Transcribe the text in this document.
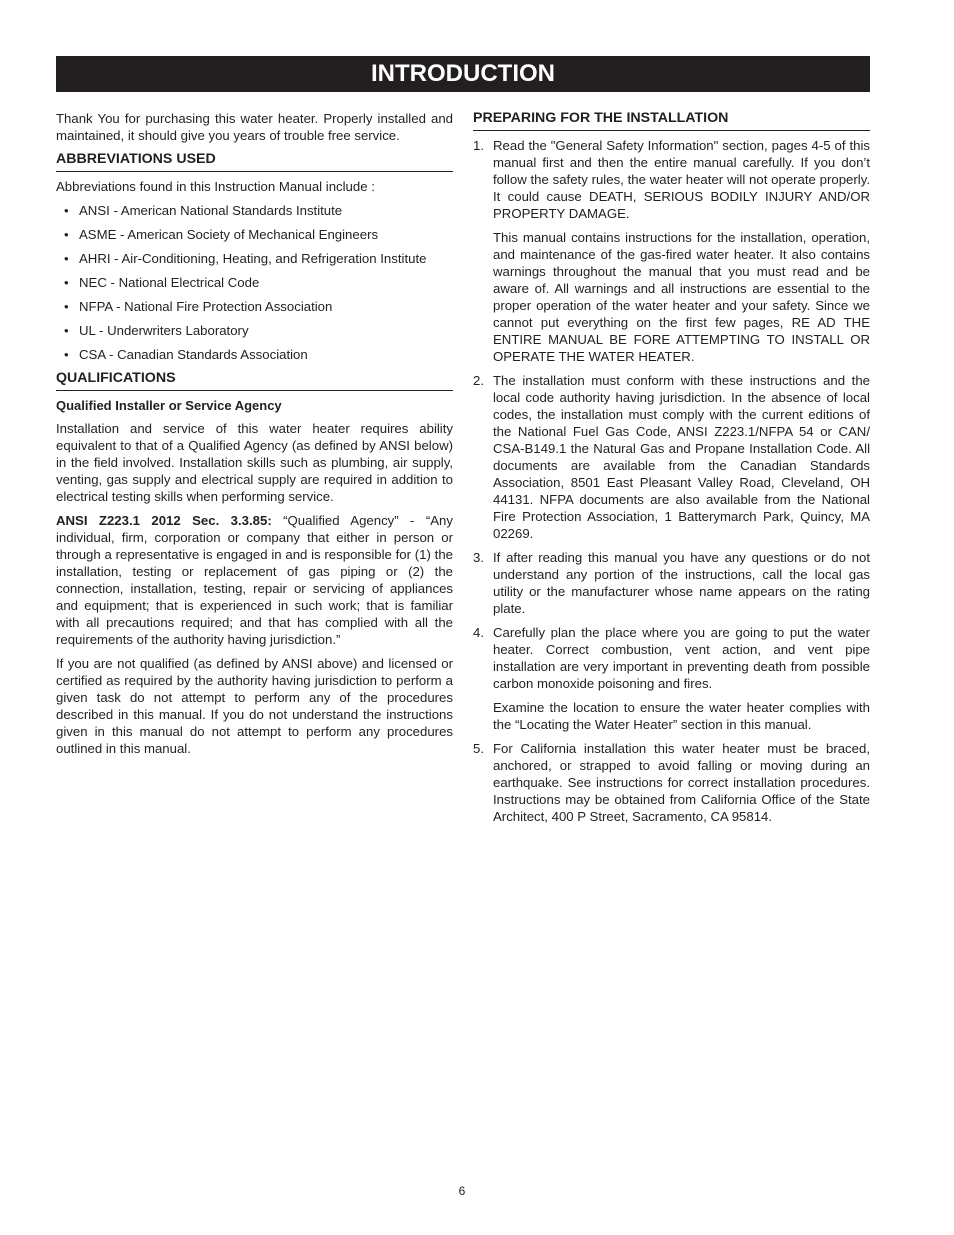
INTRODUCTION

Thank You for purchasing this water heater. Properly installed and maintained, it should give you years of trouble free service.

ABBREVIATIONS USED

Abbreviations found in this Instruction Manual include :

• ANSI - American National Standards Institute
• ASME - American Society of Mechanical Engineers
• AHRI - Air-Conditioning, Heating, and Refrigeration Institute
• NEC - National Electrical Code
• NFPA - National Fire Protection Association
• UL - Underwriters Laboratory
• CSA - Canadian Standards Association
QUALIFICATIONS
Qualified Installer or Service Agency

Installation and service of this water heater requires ability equivalent to that of a Qualified Agency (as defined by ANSI below) in the field involved. Installation skills such as plumbing, air supply, venting, gas supply and electrical supply are required in addition to electrical testing skills when performing service.

ANSI Z223.1 2012 Sec. 3.3.85: “Qualified Agency” - “Any individual, firm, corporation or company that either in person or through a representative is engaged in and is responsible for (1) the installation, testing or replacement of gas piping or (2) the connection, installation, testing, repair or servicing of appliances and equipment; that is experienced in such work; that is familiar with all precautions required; and that has complied with all the requirements of the authority having jurisdiction.”

If you are not qualified (as defined by ANSI above) and licensed or certified as required by the authority having jurisdiction to perform a given task do not attempt to perform any of the procedures described in this manual. If you do not understand the instructions given in this manual do not attempt to perform any procedures outlined in this manual.

PREPARING FOR THE INSTALLATION
1. Read the "General Safety Information" section, pages 4-5 of this manual first and then the entire manual carefully. If you don’t follow the safety rules, the water heater will not operate properly. It could cause DEATH, SERIOUS BODILY INJURY AND/OR PROPERTY DAMAGE.

This manual contains instructions for the installation, operation, and maintenance of the gas-fired water heater. It also contains warnings throughout the manual that you must read and be aware of. All warnings and all instructions are essential to the proper operation of the water heater and your safety. Since we cannot put everything on the first few pages, RE AD THE ENTIRE MANUAL BE FORE ATTEMPTING TO INSTALL OR OPERATE THE WATER HEATER.

2. The installation must conform with these instructions and the local code authority having jurisdiction. In the absence of local codes, the installation must comply with the current editions of the National Fuel Gas Code, ANSI Z223.1/NFPA 54 or CAN/ CSA-B149.1 the Natural Gas and Propane Installation Code. All documents are available from the Canadian Standards Association, 8501 East Pleasant Valley Road, Cleveland, OH 44131. NFPA documents are also available from the National Fire Protection Association, 1 Batterymarch Park, Quincy, MA 02269.

3. If after reading this manual you have any questions or do not understand any portion of the instructions, call the local gas utility or the manufacturer whose name appears on the rating plate.

4. Carefully plan the place where you are going to put the water heater. Correct combustion, vent action, and vent pipe installation are very important in preventing death from possible carbon monoxide poisoning and fires.

Examine the location to ensure the water heater complies with the “Locating the Water Heater” section in this manual.

5. For California installation this water heater must be braced, anchored, or strapped to avoid falling or moving during an earthquake. See instructions for correct installation procedures. Instructions may be obtained from California Office of the State Architect, 400 P Street, Sacramento, CA 95814.

6
